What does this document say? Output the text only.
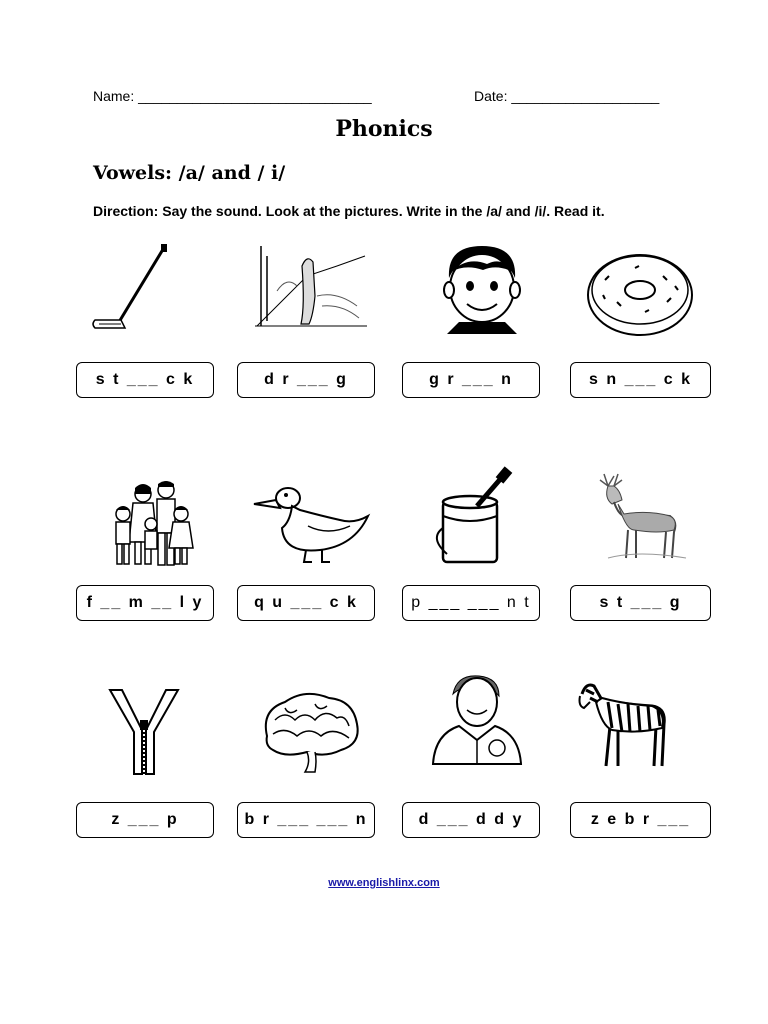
Name: ______________________________	Date: ___________________
Phonics
Vowels: /a/ and / i/
Direction: Say the sound. Look at the pictures. Write in the /a/ and /i/. Read it.
s t ___ c k	d r ___ g	g r ___ n	s n ___ c k
f __ m __ l y	q u ___ c k	p ___ ___ n t	s t ___ g
z ___ p	b r ___ ___ n	d ___ d d y	z e b r ___
www.englishlinx.com
